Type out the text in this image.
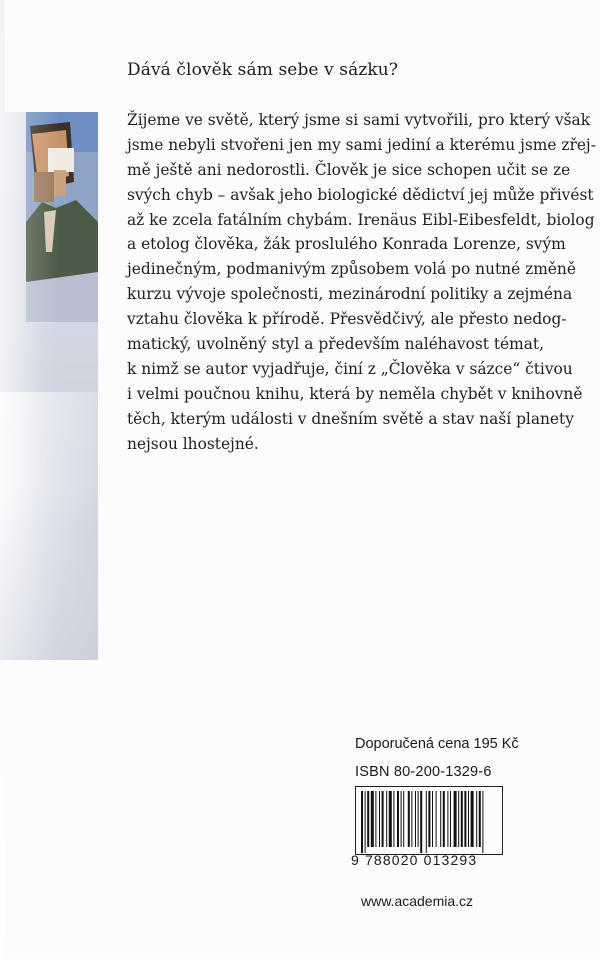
Dává člověk sám sebe v sázku?
Žijeme ve světě, který jsme si sami vytvořili, pro který však
jsme nebyli stvořeni jen my sami jediní a kterému jsme zřej-
mě ještě ani nedorostli. Člověk je sice schopen učit se ze
svých chyb – avšak jeho biologické dědictví jej může přivést
až ke zcela fatálním chybám. Irenäus Eibl-Eibesfeldt, biolog
a etolog člověka, žák proslulého Konrada Lorenze, svým
jedinečným, podmanivým způsobem volá po nutné změně
kurzu vývoje společnosti, mezinárodní politiky a zejména
vztahu člověka k přírodě. Přesvědčivý, ale přesto nedog-
matický, uvolněný styl a především naléhavost témat,
k nimž se autor vyjadřuje, činí z „Člověka v sázce“ čtivou
i velmi poučnou knihu, která by neměla chybět v knihovně
těch, kterým události v dnešním světě a stav naší planety
nejsou lhostejné.
Doporučená cena 195 Kč
ISBN 80-200-1329-6
9 788020 013293
www.academia.cz
